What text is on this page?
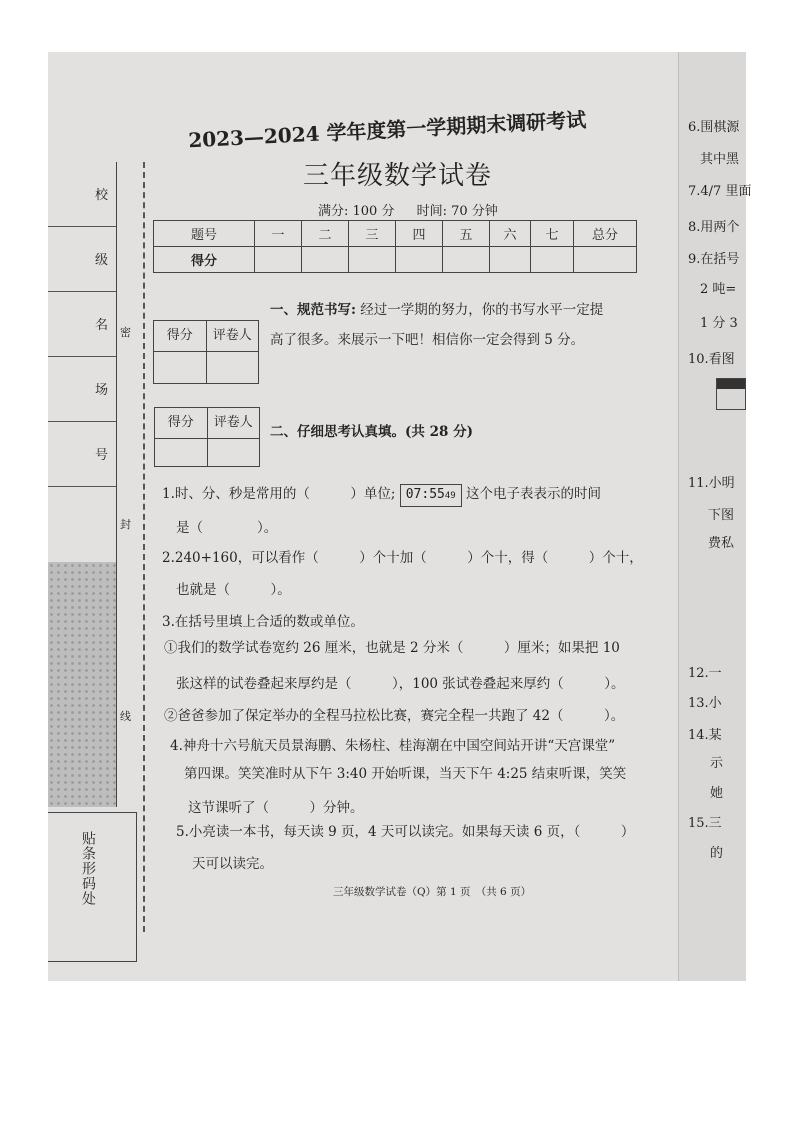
校
级
名
场
号
贴条形码处
密
封
线
2023—2024 学年度第一学期期末调研考试
三年级数学试卷
满分: 100 分 时间: 70 分钟
题号	一	二	三	四	五	六	七	总分
得分								
得分	评卷人
一、规范书写: 经过一学期的努力，你的书写水平一定提
高了很多。来展示一下吧！相信你一定会得到 5 分。
得分	评卷人
二、仔细思考认真填。(共 28 分)
1.时、分、秒是常用的（　　　）单位; 07:5549 这个电子表表示的时间
是（　　　　）。
2.240+160，可以看作（　　　）个十加（　　　）个十，得（　　　）个十，
也就是（　　　）。
3.在括号里填上合适的数或单位。
①我们的数学试卷宽约 26 厘米，也就是 2 分米（　　　）厘米；如果把 10
张这样的试卷叠起来厚约是（　　　），100 张试卷叠起来厚约（　　　）。
②爸爸参加了保定举办的全程马拉松比赛，赛完全程一共跑了 42（　　　）。
4.神舟十六号航天员景海鹏、朱杨柱、桂海潮在中国空间站开讲“天宫课堂”
第四课。笑笑准时从下午 3:40 开始听课，当天下午 4:25 结束听课，笑笑
这节课听了（　　　）分钟。
5.小亮读一本书，每天读 9 页，4 天可以读完。如果每天读 6 页，（　　　）
天可以读完。
三年级数学试卷（Q）第 1 页　（共 6 页）
6.围棋源
其中黑
7.4/7 里面
8.用两个
9.在括号
2 吨=
1 分 3
10.看图
11.小明
下图
费私
12.一
13.小
14.某
示
她
15.三
的
